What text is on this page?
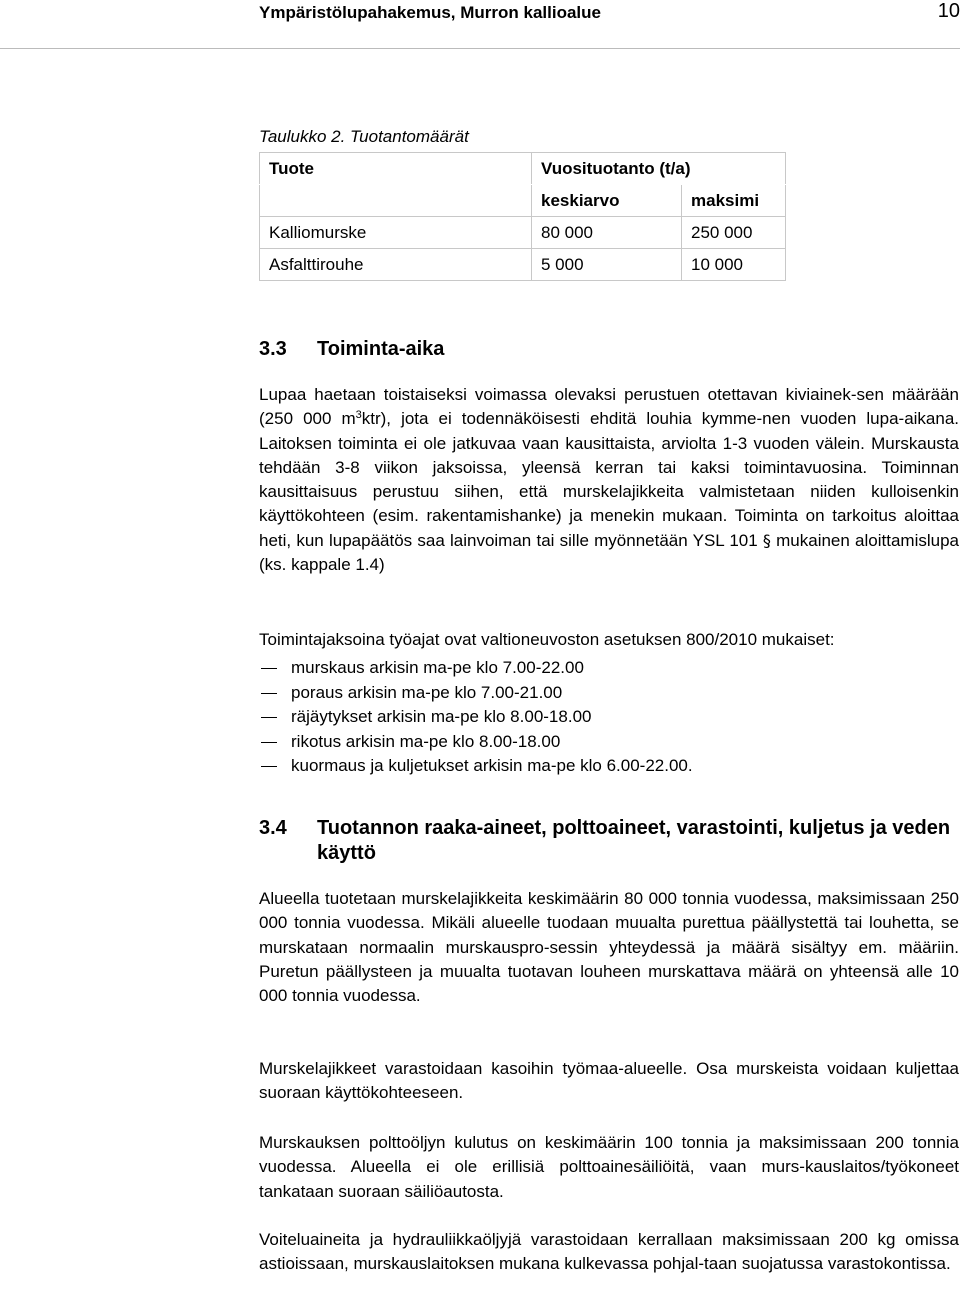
Ympäristölupahakemus, Murron kallioalue	10
Taulukko 2. Tuotantomäärät
Tuote	Vuosituotanto (t/a)	
	keskiarvo	maksimi
Kalliomurske	80 000	250 000
Asfalttirouhe	5 000	10 000
3.3 Toiminta-aika

Lupaa haetaan toistaiseksi voimassa olevaksi perustuen otettavan kiviainek-sen määrään (250 000 $m^3ktr$), jota ei todennäköisesti ehditä louhia kymme-nen vuoden lupa-aikana. Laitoksen toiminta ei ole jatkuvaa vaan kausittaista, arviolta 1-3 vuoden välein. Murskausta tehdään 3-8 viikon jaksoissa, yleensä kerran tai kaksi toimintavuosina. Toiminnan kausittaisuus perustuu siihen, että murskelajikkeita valmistetaan niiden kulloisenkin käyttökohteen (esim. rakentamishanke) ja menekin mukaan. Toiminta on tarkoitus aloittaa heti, kun lupapäätös saa lainvoiman tai sille myönnetään YSL 101 § mukainen aloittamislupa (ks. kappale 1.4)

Toimintajaksoina työajat ovat valtioneuvoston asetuksen 800/2010 mukaiset:

murskaus arkisin ma-pe klo 7.00-22.00
poraus arkisin ma-pe klo 7.00-21.00
räjäytykset arkisin ma-pe klo 8.00-18.00
rikotus arkisin ma-pe klo 8.00-18.00
kuormaus ja kuljetukset arkisin ma-pe klo 6.00-22.00.
3.4 Tuotannon raaka-aineet, polttoaineet, varastointi, kuljetus ja veden käyttö

Alueella tuotetaan murskelajikkeita keskimäärin 80 000 tonnia vuodessa, maksimissaan 250 000 tonnia vuodessa. Mikäli alueelle tuodaan muualta purettua päällystettä tai louhetta, se murskataan normaalin murskauspro-sessin yhteydessä ja määrä sisältyy em. määriin. Puretun päällysteen ja muualta tuotavan louheen murskattava määrä on yhteensä alle 10 000 tonnia vuodessa.

Murskelajikkeet varastoidaan kasoihin työmaa-alueelle. Osa murskeista voidaan kuljettaa suoraan käyttökohteeseen.

Murskauksen polttoöljyn kulutus on keskimäärin 100 tonnia ja maksimissaan 200 tonnia vuodessa. Alueella ei ole erillisiä polttoainesäiliöitä, vaan murs-kauslaitos/työkoneet tankataan suoraan säiliöautosta.

Voiteluaineita ja hydrauliikkaöljyjä varastoidaan kerrallaan maksimissaan 200 kg omissa astioissaan, murskauslaitoksen mukana kulkevassa pohjal-taan suojatussa varastokontissa.
